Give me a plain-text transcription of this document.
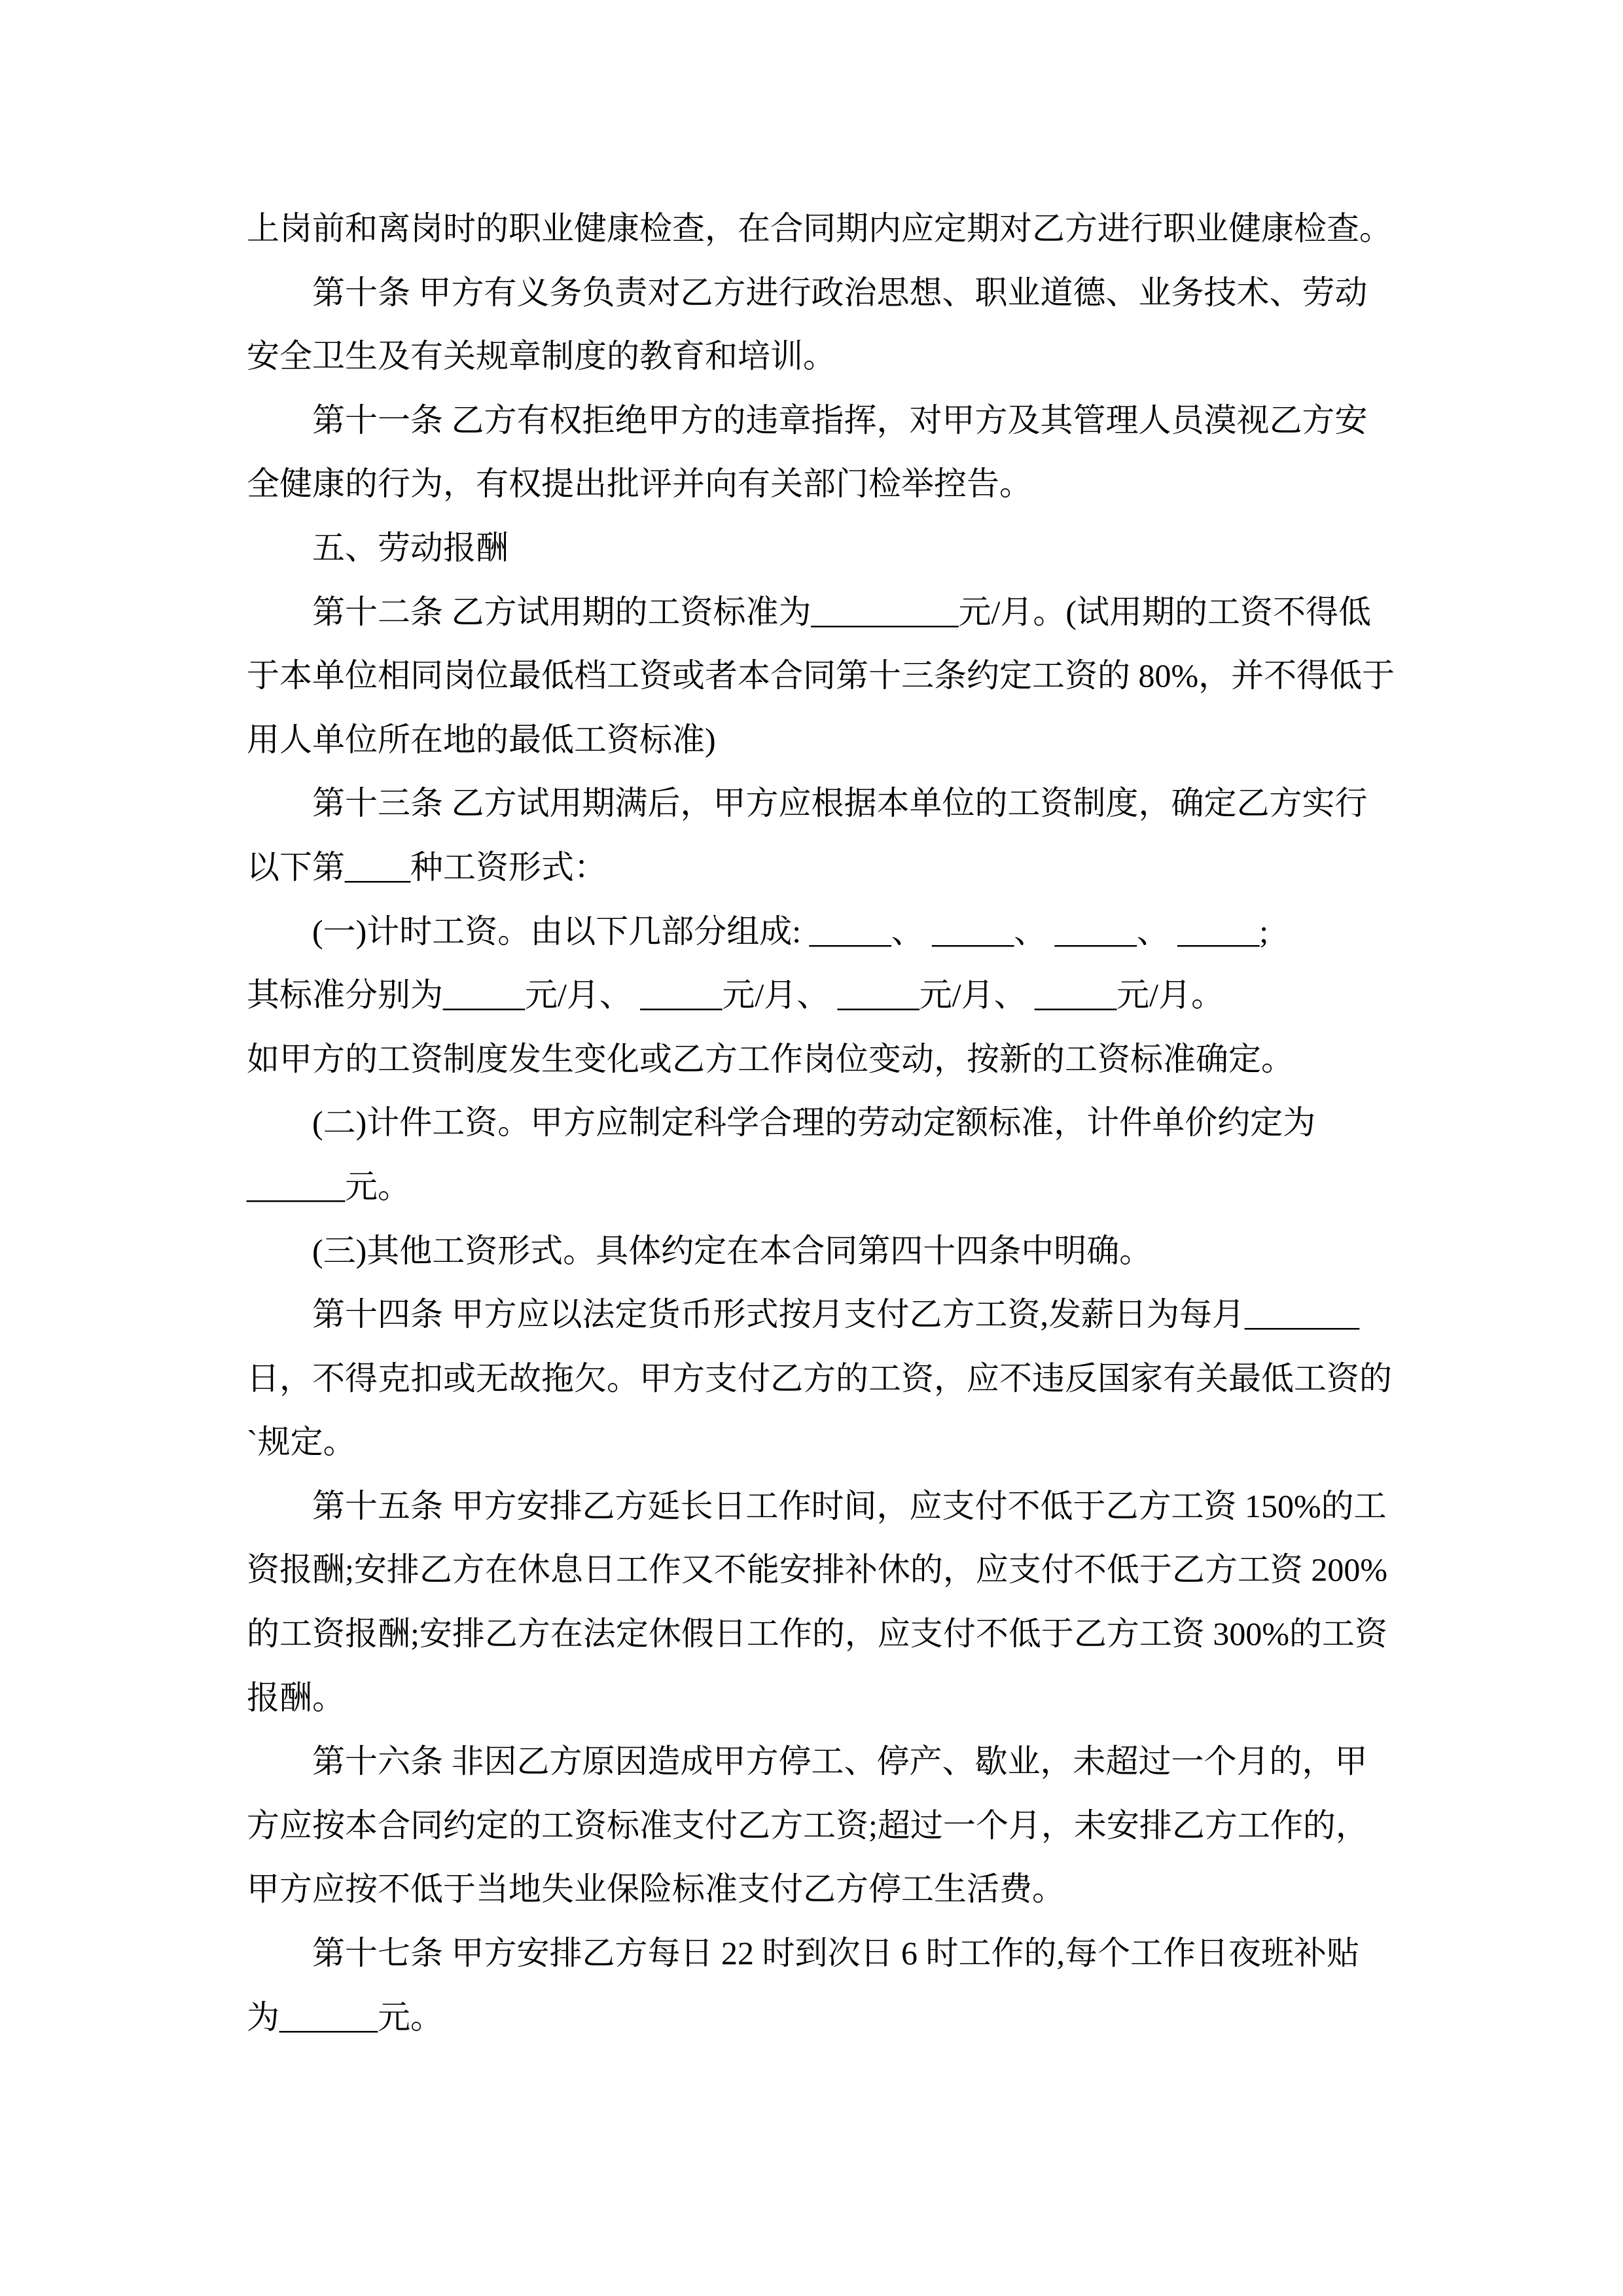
上岗前和离岗时的职业健康检查，在合同期内应定期对乙方进行职业健康检查。
第十条 甲方有义务负责对乙方进行政治思想、职业道德、业务技术、劳动
安全卫生及有关规章制度的教育和培训。
第十一条 乙方有权拒绝甲方的违章指挥，对甲方及其管理人员漠视乙方安
全健康的行为，有权提出批评并向有关部门检举控告。
五、劳动报酬
第十二条 乙方试用期的工资标准为_________元/月。(试用期的工资不得低
于本单位相同岗位最低档工资或者本合同第十三条约定工资的 80%，并不得低于
用人单位所在地的最低工资标准)
第十三条 乙方试用期满后，甲方应根据本单位的工资制度，确定乙方实行
以下第____种工资形式：
(一)计时工资。由以下几部分组成: _____、 _____、 _____、 _____;
其标准分别为_____元/月、 _____元/月、 _____元/月、 _____元/月。
如甲方的工资制度发生变化或乙方工作岗位变动，按新的工资标准确定。
(二)计件工资。甲方应制定科学合理的劳动定额标准，计件单价约定为
______元。
(三)其他工资形式。具体约定在本合同第四十四条中明确。
第十四条 甲方应以法定货币形式按月支付乙方工资,发薪日为每月_______
日，不得克扣或无故拖欠。甲方支付乙方的工资，应不违反国家有关最低工资的
`规定。
第十五条 甲方安排乙方延长日工作时间，应支付不低于乙方工资 150%的工
资报酬;安排乙方在休息日工作又不能安排补休的，应支付不低于乙方工资 200%
的工资报酬;安排乙方在法定休假日工作的，应支付不低于乙方工资 300%的工资
报酬。
第十六条 非因乙方原因造成甲方停工、停产、歇业，未超过一个月的，甲
方应按本合同约定的工资标准支付乙方工资;超过一个月，未安排乙方工作的，
甲方应按不低于当地失业保险标准支付乙方停工生活费。
第十七条 甲方安排乙方每日 22 时到次日 6 时工作的,每个工作日夜班补贴
为______元。
